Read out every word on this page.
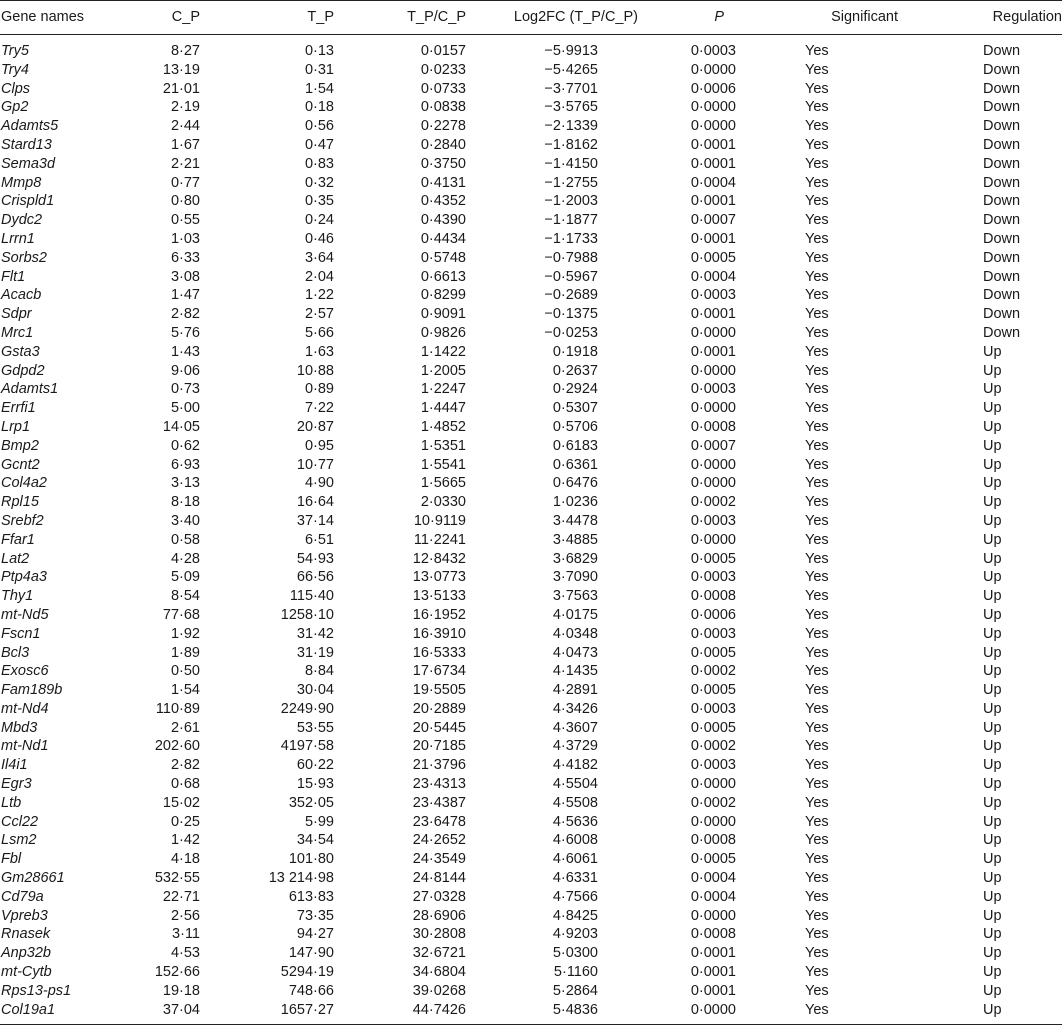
Gene names	C_P	T_P	T_P/C_P	Log2FC (T_P/C_P)	P	Significant	Regulation

Try5	8·27	0·13	0·0157	−5·9913	0·0003	Yes	Down
Try4	13·19	0·31	0·0233	−5·4265	0·0000	Yes	Down
Clps	21·01	1·54	0·0733	−3·7701	0·0006	Yes	Down
Gp2	2·19	0·18	0·0838	−3·5765	0·0000	Yes	Down
Adamts5	2·44	0·56	0·2278	−2·1339	0·0000	Yes	Down
Stard13	1·67	0·47	0·2840	−1·8162	0·0001	Yes	Down
Sema3d	2·21	0·83	0·3750	−1·4150	0·0001	Yes	Down
Mmp8	0·77	0·32	0·4131	−1·2755	0·0004	Yes	Down
Crispld1	0·80	0·35	0·4352	−1·2003	0·0001	Yes	Down
Dydc2	0·55	0·24	0·4390	−1·1877	0·0007	Yes	Down
Lrrn1	1·03	0·46	0·4434	−1·1733	0·0001	Yes	Down
Sorbs2	6·33	3·64	0·5748	−0·7988	0·0005	Yes	Down
Flt1	3·08	2·04	0·6613	−0·5967	0·0004	Yes	Down
Acacb	1·47	1·22	0·8299	−0·2689	0·0003	Yes	Down
Sdpr	2·82	2·57	0·9091	−0·1375	0·0001	Yes	Down
Mrc1	5·76	5·66	0·9826	−0·0253	0·0000	Yes	Down
Gsta3	1·43	1·63	1·1422	0·1918	0·0001	Yes	Up
Gdpd2	9·06	10·88	1·2005	0·2637	0·0000	Yes	Up
Adamts1	0·73	0·89	1·2247	0·2924	0·0003	Yes	Up
Errfi1	5·00	7·22	1·4447	0·5307	0·0000	Yes	Up
Lrp1	14·05	20·87	1·4852	0·5706	0·0008	Yes	Up
Bmp2	0·62	0·95	1·5351	0·6183	0·0007	Yes	Up
Gcnt2	6·93	10·77	1·5541	0·6361	0·0000	Yes	Up
Col4a2	3·13	4·90	1·5665	0·6476	0·0000	Yes	Up
Rpl15	8·18	16·64	2·0330	1·0236	0·0002	Yes	Up
Srebf2	3·40	37·14	10·9119	3·4478	0·0003	Yes	Up
Ffar1	0·58	6·51	11·2241	3·4885	0·0000	Yes	Up
Lat2	4·28	54·93	12·8432	3·6829	0·0005	Yes	Up
Ptp4a3	5·09	66·56	13·0773	3·7090	0·0003	Yes	Up
Thy1	8·54	115·40	13·5133	3·7563	0·0008	Yes	Up
mt-Nd5	77·68	1258·10	16·1952	4·0175	0·0006	Yes	Up
Fscn1	1·92	31·42	16·3910	4·0348	0·0003	Yes	Up
Bcl3	1·89	31·19	16·5333	4·0473	0·0005	Yes	Up
Exosc6	0·50	8·84	17·6734	4·1435	0·0002	Yes	Up
Fam189b	1·54	30·04	19·5505	4·2891	0·0005	Yes	Up
mt-Nd4	110·89	2249·90	20·2889	4·3426	0·0003	Yes	Up
Mbd3	2·61	53·55	20·5445	4·3607	0·0005	Yes	Up
mt-Nd1	202·60	4197·58	20·7185	4·3729	0·0002	Yes	Up
Il4i1	2·82	60·22	21·3796	4·4182	0·0003	Yes	Up
Egr3	0·68	15·93	23·4313	4·5504	0·0000	Yes	Up
Ltb	15·02	352·05	23·4387	4·5508	0·0002	Yes	Up
Ccl22	0·25	5·99	23·6478	4·5636	0·0000	Yes	Up
Lsm2	1·42	34·54	24·2652	4·6008	0·0008	Yes	Up
Fbl	4·18	101·80	24·3549	4·6061	0·0005	Yes	Up
Gm28661	532·55	13 214·98	24·8144	4·6331	0·0004	Yes	Up
Cd79a	22·71	613·83	27·0328	4·7566	0·0004	Yes	Up
Vpreb3	2·56	73·35	28·6906	4·8425	0·0000	Yes	Up
Rnasek	3·11	94·27	30·2808	4·9203	0·0008	Yes	Up
Anp32b	4·53	147·90	32·6721	5·0300	0·0001	Yes	Up
mt-Cytb	152·66	5294·19	34·6804	5·1160	0·0001	Yes	Up
Rps13-ps1	19·18	748·66	39·0268	5·2864	0·0001	Yes	Up
Col19a1	37·04	1657·27	44·7426	5·4836	0·0000	Yes	Up
